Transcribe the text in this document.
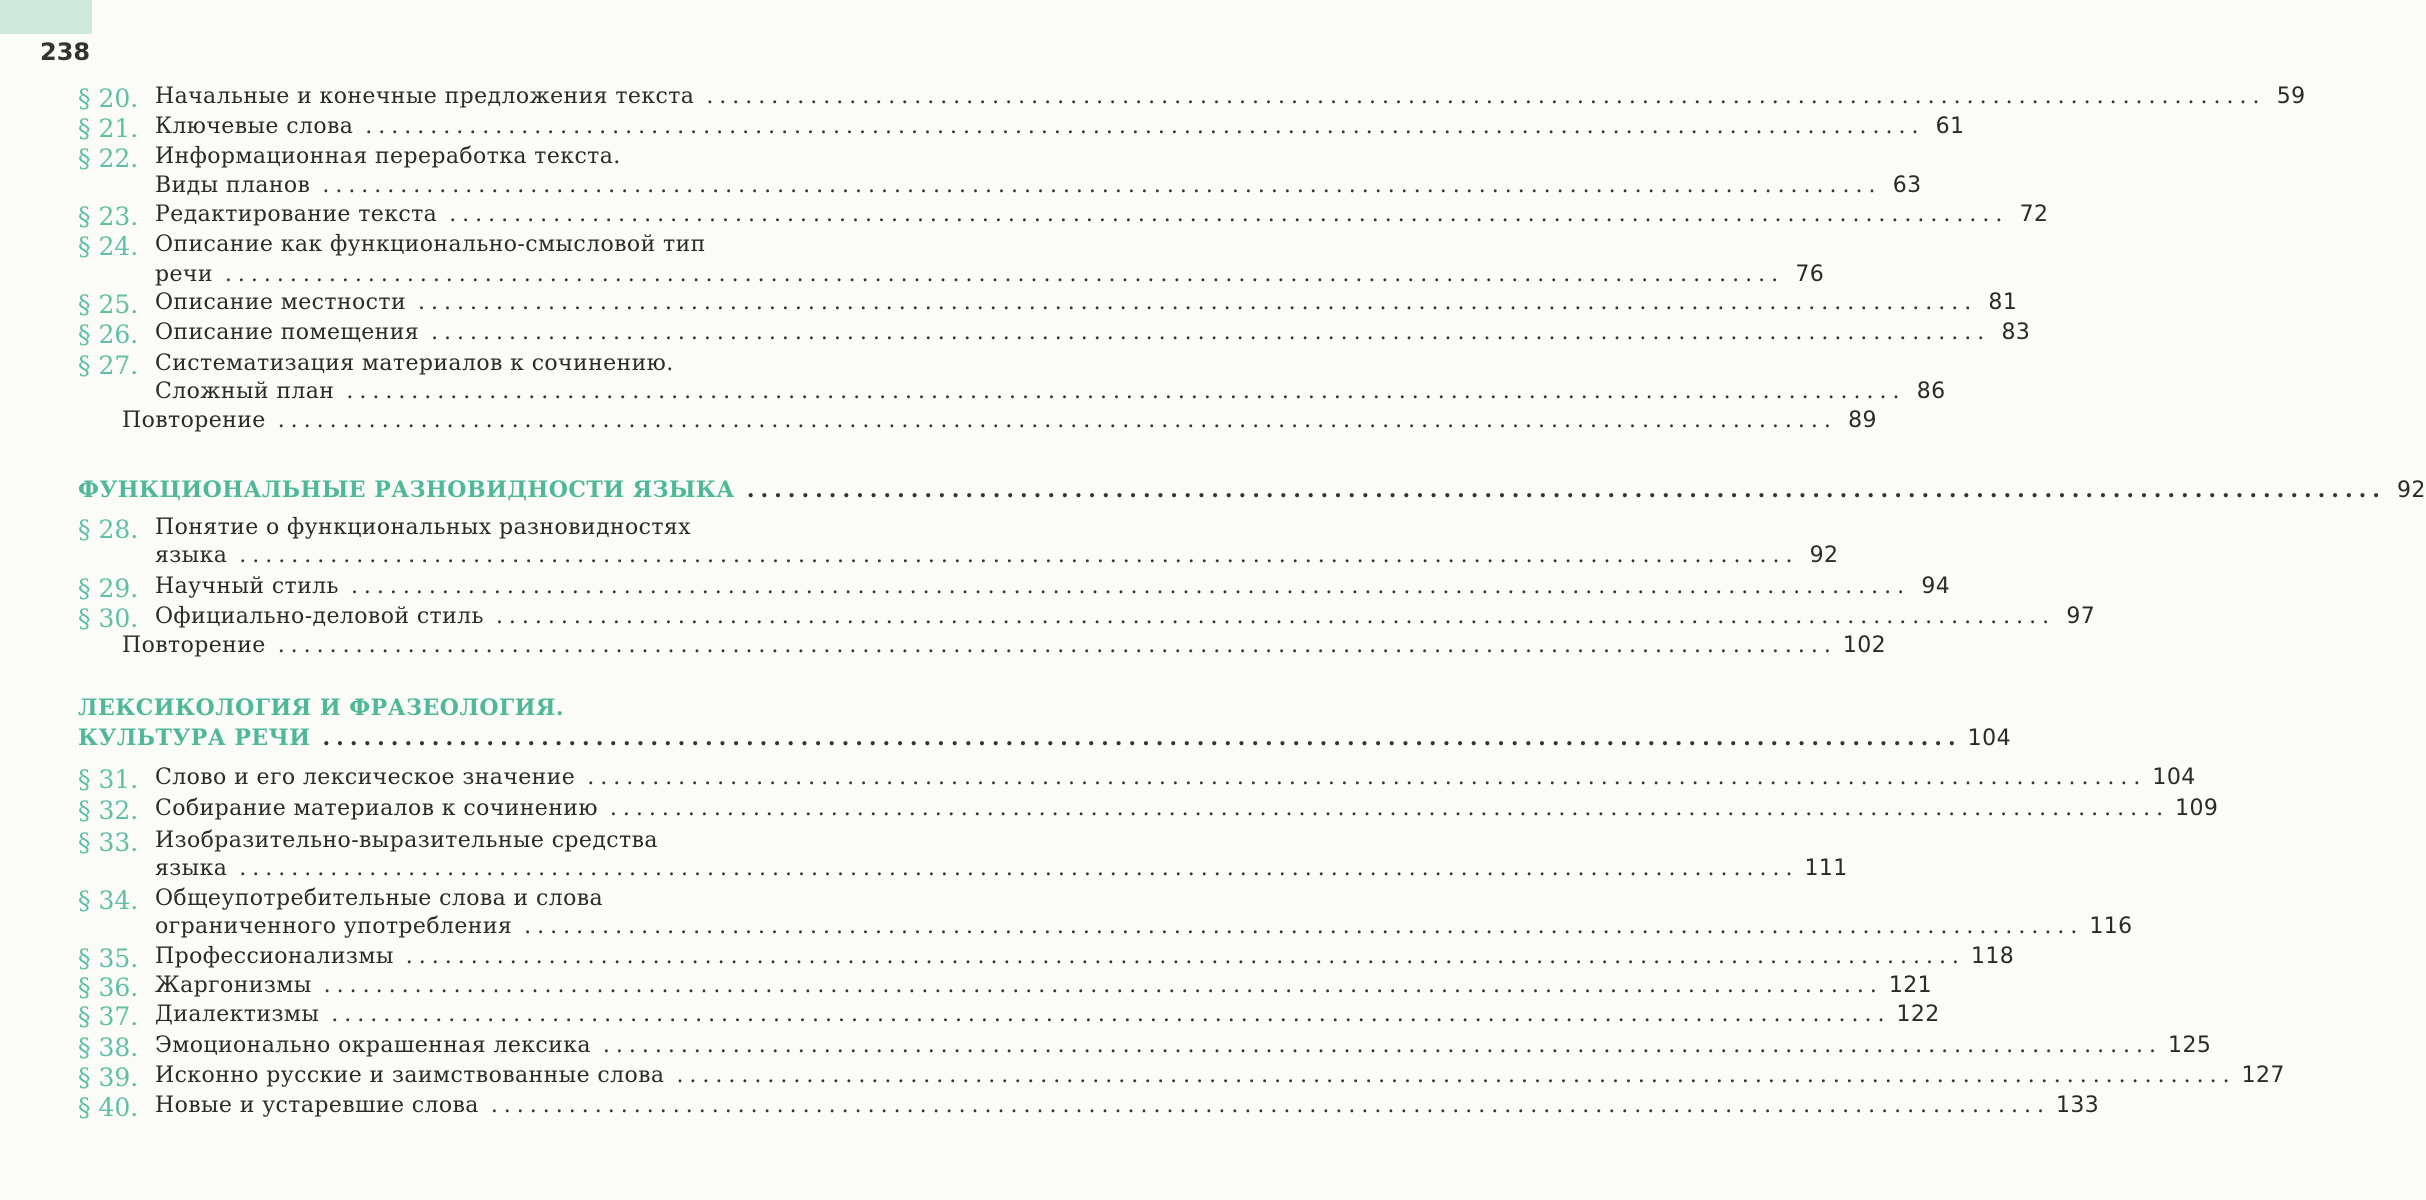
238
§ 20. Начальные и конечные предложения текста ........................................................................................................................ 59
§ 21. Ключевые слова ........................................................................................................................ 61
§ 22. Информационная переработка текста.
Виды планов ........................................................................................................................ 63
§ 23. Редактирование текста ........................................................................................................................ 72
§ 24. Описание как функционально-смысловой тип
речи ........................................................................................................................ 76
§ 25. Описание местности ........................................................................................................................ 81
§ 26. Описание помещения ........................................................................................................................ 83
§ 27. Систематизация материалов к сочинению.
Сложный план ........................................................................................................................ 86
Повторение ........................................................................................................................ 89
ФУНКЦИОНАЛЬНЫЕ РАЗНОВИДНОСТИ ЯЗЫКА ........................................................................................................................ 92
§ 28. Понятие о функциональных разновидностях
языка ........................................................................................................................ 92
§ 29. Научный стиль ........................................................................................................................ 94
§ 30. Официально-деловой стиль ........................................................................................................................ 97
Повторение ........................................................................................................................ 102
ЛЕКСИКОЛОГИЯ И ФРАЗЕОЛОГИЯ.
КУЛЬТУРА РЕЧИ ........................................................................................................................ 104
§ 31. Слово и его лексическое значение ........................................................................................................................ 104
§ 32. Собирание материалов к сочинению ........................................................................................................................ 109
§ 33. Изобразительно-выразительные средства
языка ........................................................................................................................ 111
§ 34. Общеупотребительные слова и слова
ограниченного употребления ........................................................................................................................ 116
§ 35. Профессионализмы ........................................................................................................................ 118
§ 36. Жаргонизмы ........................................................................................................................ 121
§ 37. Диалектизмы ........................................................................................................................ 122
§ 38. Эмоционально окрашенная лексика ........................................................................................................................ 125
§ 39. Исконно русские и заимствованные слова ........................................................................................................................ 127
§ 40. Новые и устаревшие слова ........................................................................................................................ 133
